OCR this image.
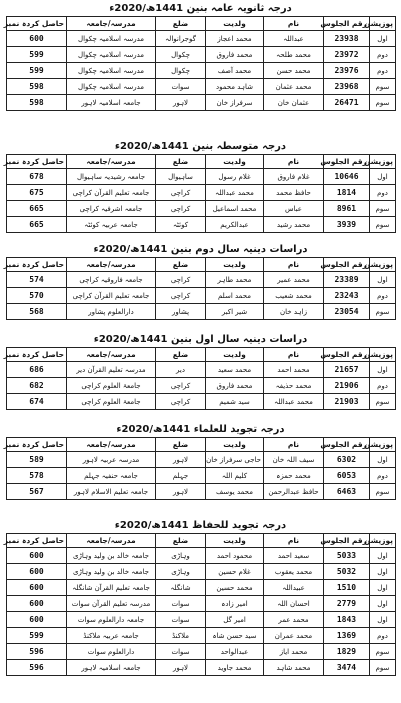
درجہ ثانویہ عامہ بنین 1441ھ/2020ء
پوزیشن	رقم الجلوس	نام	ولدیت	ضلع	مدرسہ/جامعہ	حاصل کردہ نمبر
اول	23938	عبداللہ	محمد اعجاز	گوجرانوالہ	مدرسہ اسلامیہ چکوال	600
دوم	23972	محمد طلحہ	محمد فاروق	چکوال	مدرسہ اسلامیہ چکوال	599
دوم	23976	محمد حسن	محمد آصف	چکوال	مدرسہ اسلامیہ چکوال	599
سوم	23968	محمد عثمان	شاہد محمود	سوات	مدرسہ اسلامیہ چکوال	598
سوم	26471	عثمان خان	سرفراز خان	لاہور	جامعہ اسلامیہ لاہور	598
درجہ متوسطہ بنین 1441ھ/2020ء
پوزیشن	رقم الجلوس	نام	ولدیت	ضلع	مدرسہ/جامعہ	حاصل کردہ نمبر
اول	10646	غلام فاروق	غلام رسول	ساہیوال	جامعہ رشیدیہ ساہیوال	678
دوم	1814	حافظ محمد	محمد عبداللہ	کراچی	جامعہ تعلیم القرآن کراچی	675
سوم	8961	عباس	محمد اسماعیل	کراچی	جامعہ اشرفیہ کراچی	665
سوم	3939	محمد رشید	عبدالکریم	کوئٹہ	جامعہ عربیہ کوئٹہ	665
دراسات دینیہ سال دوم بنین 1441ھ/2020ء
پوزیشن	رقم الجلوس	نام	ولدیت	ضلع	مدرسہ/جامعہ	حاصل کردہ نمبر
اول	23389	محمد عمیر	محمد طاہر	کراچی	جامعہ فاروقیہ کراچی	574
دوم	23243	محمد شعیب	محمد اسلم	کراچی	جامعہ تعلیم القرآن کراچی	570
سوم	23054	زاہد خان	شیر اکبر	پشاور	دارالعلوم پشاور	568
دراسات دینیہ سال اول بنین 1441ھ/2020ء
پوزیشن	رقم الجلوس	نام	ولدیت	ضلع	مدرسہ/جامعہ	حاصل کردہ نمبر
اول	21657	محمد احمد	محمد سعید	دیر	مدرسہ تعلیم القرآن دیر	686
دوم	21906	محمد حذیفہ	محمد فاروق	کراچی	جامعۃ العلوم کراچی	682
سوم	21903	محمد عبداللہ	سید شمیم	کراچی	جامعۃ العلوم کراچی	674
درجہ تجوید للعلماء 1441ھ/2020ء
پوزیشن	رقم الجلوس	نام	ولدیت	ضلع	مدرسہ/جامعہ	حاصل کردہ نمبر
اول	6302	سیف اللہ خان	حاجی سرفراز خان	لاہور	مدرسہ عربیہ لاہور	589
دوم	6053	محمد حمزہ	کلیم اللہ	جہلم	جامعہ حنفیہ جہلم	578
سوم	6463	حافظ عبدالرحمن	محمد یوسف	لاہور	جامعہ تعلیم الاسلام لاہور	567
درجہ تجوید للحفاظ 1441ھ/2020ء
پوزیشن	رقم الجلوس	نام	ولدیت	ضلع	مدرسہ/جامعہ	حاصل کردہ نمبر
اول	5033	سعید احمد	محمود احمد	وہاڑی	جامعہ خالد بن ولید وہاڑی	600
اول	5032	محمد یعقوب	غلام حسین	وہاڑی	جامعہ خالد بن ولید وہاڑی	600
اول	1510	عبیداللہ	محمد حسین	شانگلہ	جامعہ تعلیم القرآن شانگلہ	600
اول	2779	احسان اللہ	امیر زادہ	سوات	مدرسہ تعلیم القرآن سوات	600
اول	1843	محمد عمر	امیر گل	سوات	جامعہ دارالعلوم سوات	600
دوم	1369	محمد عمران	سید حسن شاہ	ملاکنڈ	جامعہ عربیہ ملاکنڈ	599
سوم	1829	محمد ایاز	عبدالواحد	سوات	دارالعلوم سوات	596
سوم	3474	محمد شاہد	محمد جاوید	لاہور	جامعہ اسلامیہ لاہور	596
